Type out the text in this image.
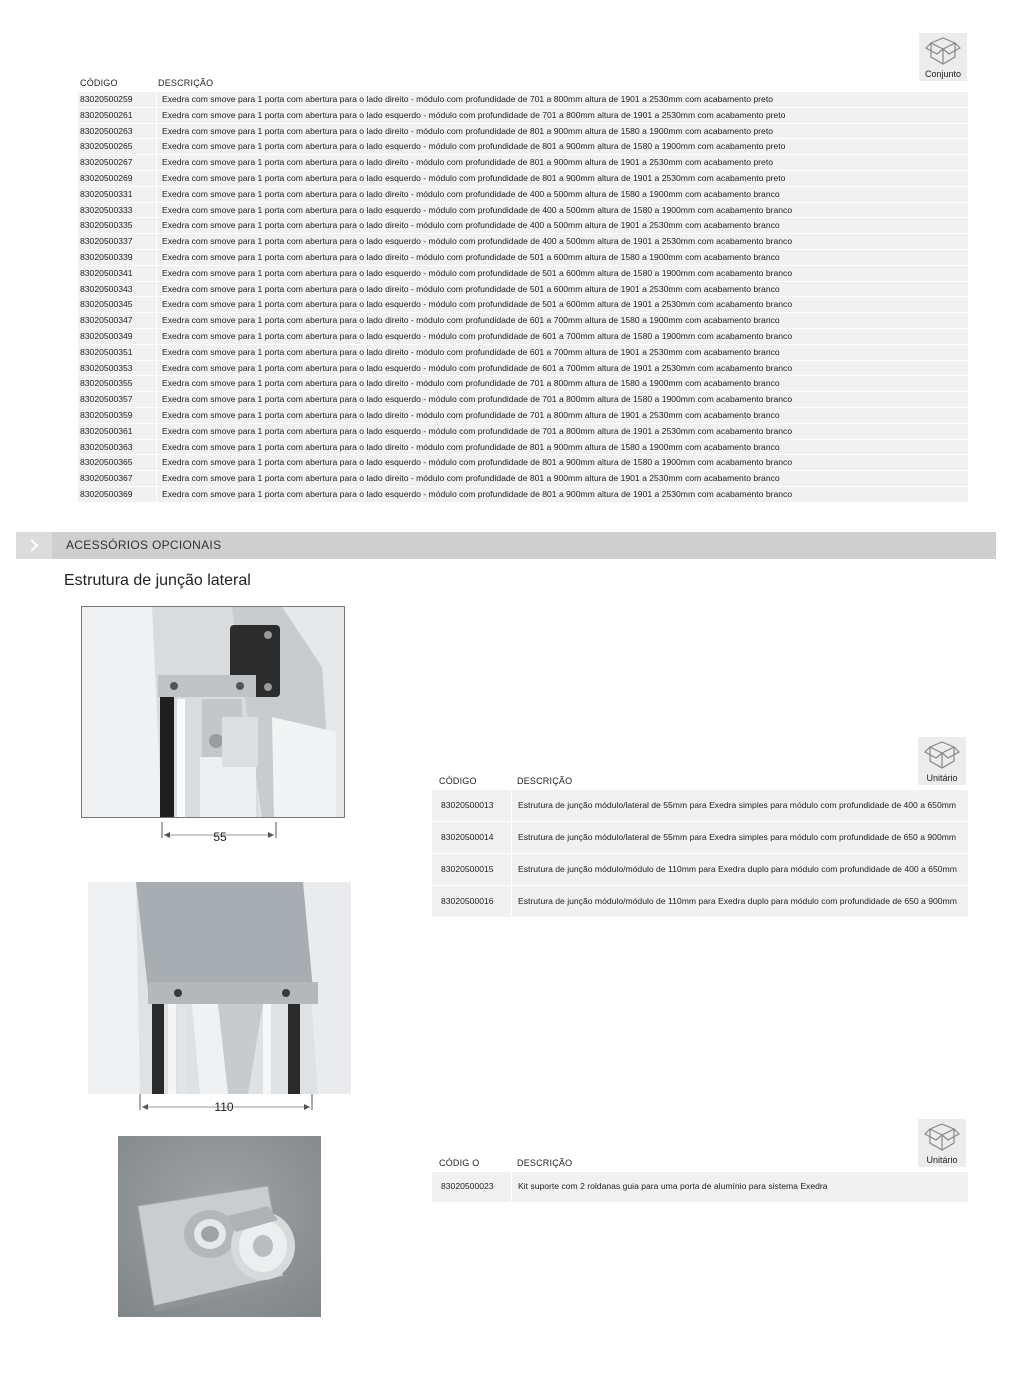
Conjunto
CÓDIGO	DESCRIÇÃO
83020500259	Exedra com smove para 1 porta com abertura para o lado direito - módulo com profundidade de 701 a 800mm altura de 1901 a 2530mm com acabamento preto
83020500261	Exedra com smove para 1 porta com abertura para o lado esquerdo - módulo com profundidade de 701 a 800mm altura de 1901 a 2530mm com acabamento preto
83020500263	Exedra com smove para 1 porta com abertura para o lado direito - módulo com profundidade de 801 a 900mm altura de 1580 a 1900mm com acabamento preto
83020500265	Exedra com smove para 1 porta com abertura para o lado esquerdo - módulo com profundidade de 801 a 900mm altura de 1580 a 1900mm com acabamento preto
83020500267	Exedra com smove para 1 porta com abertura para o lado direito - módulo com profundidade de 801 a 900mm altura de 1901 a 2530mm com acabamento preto
83020500269	Exedra com smove para 1 porta com abertura para o lado esquerdo - módulo com profundidade de 801 a 900mm altura de 1901 a 2530mm com acabamento preto
83020500331	Exedra com smove para 1 porta com abertura para o lado direito - módulo com profundidade de 400 a 500mm altura de 1580 a 1900mm com acabamento branco
83020500333	Exedra com smove para 1 porta com abertura para o lado esquerdo - módulo com profundidade de 400 a 500mm altura de 1580 a 1900mm com acabamento branco
83020500335	Exedra com smove para 1 porta com abertura para o lado direito - módulo com profundidade de 400 a 500mm altura de 1901 a 2530mm com acabamento branco
83020500337	Exedra com smove para 1 porta com abertura para o lado esquerdo - módulo com profundidade de 400 a 500mm altura de 1901 a 2530mm com acabamento branco
83020500339	Exedra com smove para 1 porta com abertura para o lado direito - módulo com profundidade de 501 a 600mm altura de 1580 a 1900mm com acabamento branco
83020500341	Exedra com smove para 1 porta com abertura para o lado esquerdo - módulo com profundidade de 501 a 600mm altura de 1580 a 1900mm com acabamento branco
83020500343	Exedra com smove para 1 porta com abertura para o lado direito - módulo com profundidade de 501 a 600mm altura de 1901 a 2530mm com acabamento branco
83020500345	Exedra com smove para 1 porta com abertura para o lado esquerdo - módulo com profundidade de 501 a 600mm altura de 1901 a 2530mm com acabamento branco
83020500347	Exedra com smove para 1 porta com abertura para o lado direito - módulo com profundidade de 601 a 700mm altura de 1580 a 1900mm com acabamento branco
83020500349	Exedra com smove para 1 porta com abertura para o lado esquerdo - módulo com profundidade de 601 a 700mm altura de 1580 a 1900mm com acabamento branco
83020500351	Exedra com smove para 1 porta com abertura para o lado direito - módulo com profundidade de 601 a 700mm altura de 1901 a 2530mm com acabamento branco
83020500353	Exedra com smove para 1 porta com abertura para o lado esquerdo - módulo com profundidade de 601 a 700mm altura de 1901 a 2530mm com acabamento branco
83020500355	Exedra com smove para 1 porta com abertura para o lado direito - módulo com profundidade de 701 a 800mm altura de 1580 a 1900mm com acabamento branco
83020500357	Exedra com smove para 1 porta com abertura para o lado esquerdo - módulo com profundidade de 701 a 800mm altura de 1580 a 1900mm com acabamento branco
83020500359	Exedra com smove para 1 porta com abertura para o lado direito - módulo com profundidade de 701 a 800mm altura de 1901 a 2530mm com acabamento branco
83020500361	Exedra com smove para 1 porta com abertura para o lado esquerdo - módulo com profundidade de 701 a 800mm altura de 1901 a 2530mm com acabamento branco
83020500363	Exedra com smove para 1 porta com abertura para o lado direito - módulo com profundidade de 801 a 900mm altura de 1580 a 1900mm com acabamento branco
83020500365	Exedra com smove para 1 porta com abertura para o lado esquerdo - módulo com profundidade de 801 a 900mm altura de 1580 a 1900mm com acabamento branco
83020500367	Exedra com smove para 1 porta com abertura para o lado direito - módulo com profundidade de 801 a 900mm altura de 1901 a 2530mm com acabamento branco
83020500369	Exedra com smove para 1 porta com abertura para o lado esquerdo - módulo com profundidade de 801 a 900mm altura de 1901 a 2530mm com acabamento branco
ACESSÓRIOS OPCIONAIS
Estrutura de junção lateral
55
110
Unitário
CÓDIGO	DESCRIÇÃO
83020500013	Estrutura de junção módulo/lateral de 55mm para Exedra simples para módulo com profundidade de 400 a 650mm
83020500014	Estrutura de junção módulo/lateral de 55mm para Exedra simples para módulo com profundidade de 650 a 900mm
83020500015	Estrutura de junção módulo/módulo de 110mm para Exedra duplo para módulo com profundidade de 400 a 650mm
83020500016	Estrutura de junção módulo/módulo de 110mm para Exedra duplo para módulo com profundidade de 650 a 900mm
Unitário
CÓDIG O	DESCRIÇÃO
83020500023	Kit suporte com 2 roldanas guia para uma porta de alumínio para sistema Exedra
